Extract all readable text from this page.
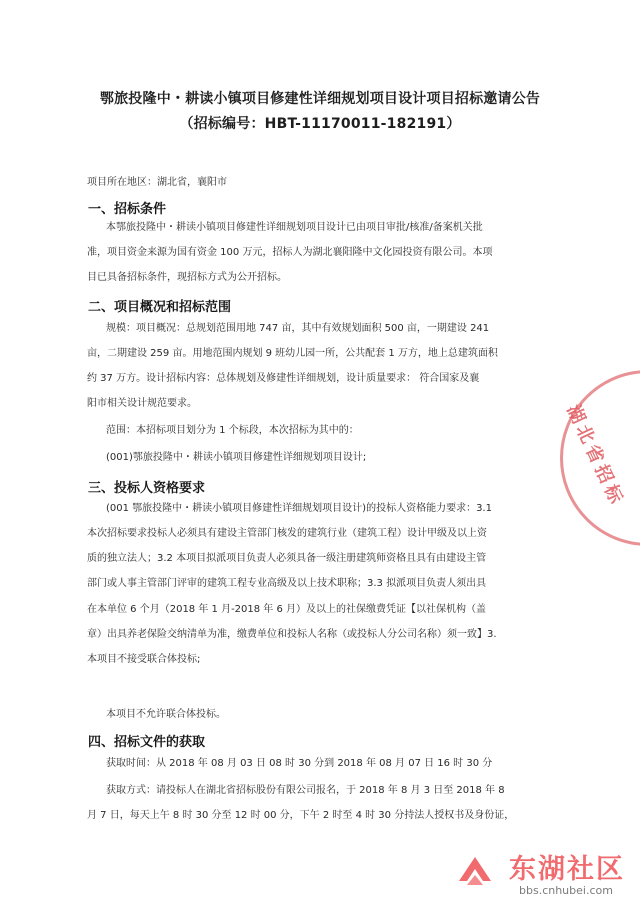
鄂旅投隆中・耕读小镇项目修建性详细规划项目设计项目招标邀请公告
（招标编号：HBT-11170011-182191）
项目所在地区：湖北省，襄阳市
一、招标条件
本鄂旅投隆中・耕读小镇项目修建性详细规划项目设计已由项目审批/核准/备案机关批
准，项目资金来源为国有资金 100 万元，招标人为湖北襄阳隆中文化园投资有限公司。本项
目已具备招标条件，现招标方式为公开招标。
二、项目概况和招标范围
规模：项目概况：总规划范围用地 747 亩，其中有效规划面积 500 亩，一期建设 241
亩，二期建设 259 亩。用地范围内规划 9 班幼儿园一所，公共配套 1 万方，地上总建筑面积
约 37 万方。设计招标内容：总体规划及修建性详细规划，设计质量要求： 符合国家及襄
阳市相关设计规范要求。
范围：本招标项目划分为 1 个标段，本次招标为其中的：
(001)鄂旅投隆中・耕读小镇项目修建性详细规划项目设计;
三、投标人资格要求
(001 鄂旅投隆中・耕读小镇项目修建性详细规划项目设计)的投标人资格能力要求：3.1
本次招标要求投标人必须具有建设主管部门核发的建筑行业（建筑工程）设计甲级及以上资
质的独立法人；3.2 本项目拟派项目负责人必须具备一级注册建筑师资格且具有由建设主管
部门或人事主管部门评审的建筑工程专业高级及以上技术职称；3.3 拟派项目负责人须出具
在本单位 6 个月（2018 年 1 月-2018 年 6 月）及以上的社保缴费凭证【以社保机构（盖
章）出具养老保险交纳清单为准，缴费单位和投标人名称（或投标人分公司名称）须一致】3.
本项目不接受联合体投标;
本项目不允许联合体投标。
四、招标文件的获取
获取时间：从 2018 年 08 月 03 日 08 时 30 分到 2018 年 08 月 07 日 16 时 30 分
获取方式：请投标人在湖北省招标股份有限公司报名，于 2018 年 8 月 3 日至 2018 年 8
月 7 日，每天上午 8 时 30 分至 12 时 00 分，下午 2 时至 4 时 30 分持法人授权书及身份证，
湖北省招标
东湖社区
bbs.cnhubei.com
